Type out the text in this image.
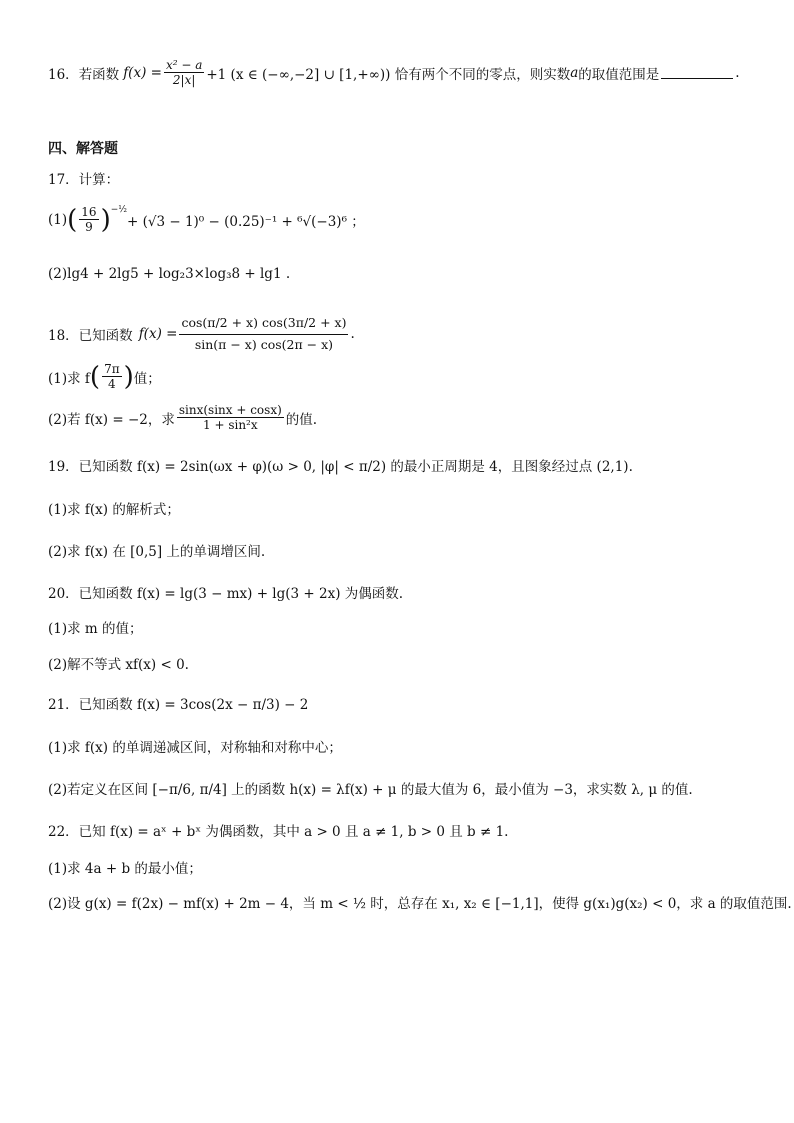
16． 若函数 $f(x) = \frac{\text{x² − a}}{2|x|} +1$ (x ∈ (−∞,−2] ∪ [1,+∞)) 恰有两个不同的零点，则实数 a 的取值范围是	.
四、解答题
17．计算：
(1) ( $\frac{16}{9} )^{-\frac{1}{2}}$
+ (√3 − 1)⁰ − (0.25)⁻¹ + ⁶√(−3)⁶ ；
(2)lg4 + 2lg5 + log₂3×log₃8 + lg1 .
18．已知函数 $f(x) = \frac{\cos(\pi/2 + x) \cos(3\pi/2 + x)}{\sin(\pi - x) \cos(2\pi - x)}$ .
(1)求 f ( $\frac{7\pi}{4}$ ) 值；
(2)若 f(x) = −2，求 $\frac{\sin x(\sin x + \cos x)}{\text{1 + sin²x}}$ 的值.
19．已知函数 f(x) = 2sin(ωx + φ)(ω > 0, |φ| < π/2) 的最小正周期是 4，且图象经过点 (2,1).
(1)求 f(x) 的解析式；
(2)求 f(x) 在 [0,5] 上的单调增区间.
20．已知函数 f(x) = lg(3 − mx) + lg(3 + 2x) 为偶函数.
(1)求 m 的值；
(2)解不等式 xf(x) < 0.
21．已知函数 f(x) = 3cos(2x − π/3) − 2
(1)求 f(x) 的单调递减区间，对称轴和对称中心；
(2)若定义在区间 [−π/6, π/4] 上的函数 h(x) = λf(x) + μ 的最大值为 6，最小值为 −3，求实数 λ, μ 的值.
22．已知 f(x) = aˣ + bˣ 为偶函数，其中 a > 0 且 a ≠ 1, b > 0 且 b ≠ 1.
(1)求 4a + b 的最小值；
(2)设 g(x) = f(2x) − mf(x) + 2m − 4，当 m < ½ 时，总存在 x₁, x₂ ∈ [−1,1]，使得 g(x₁)g(x₂) < 0，求 a 的取值范围.
